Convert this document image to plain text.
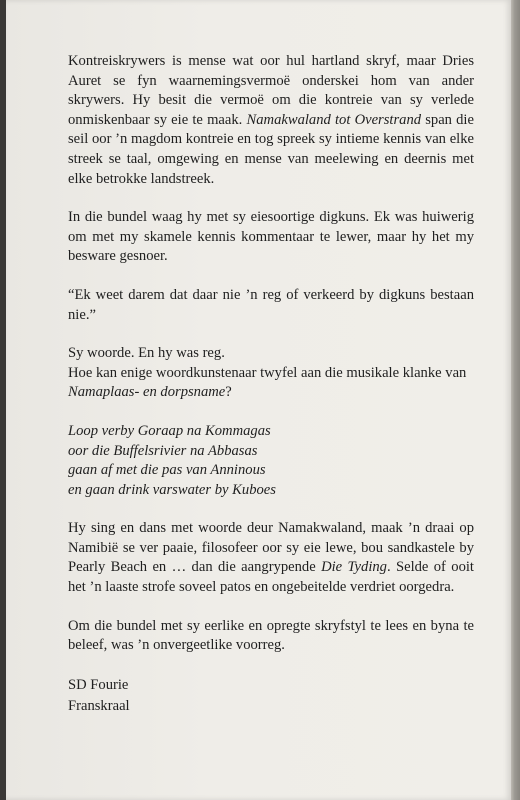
Kontreiskrywers is mense wat oor hul hartland skryf, maar Dries Auret se fyn waarnemingsvermoë onderskei hom van ander skrywers. Hy besit die vermoë om die kontreie van sy verlede onmiskenbaar sy eie te maak. Namakwaland tot Overstrand span die seil oor ’n magdom kontreie en tog spreek sy intieme kennis van elke streek se taal, omgewing en mense van meelewing en deernis met elke betrokke landstreek.

In die bundel waag hy met sy eiesoortige digkuns. Ek was huiwerig om met my skamele kennis kommentaar te lewer, maar hy het my besware gesnoer.

“Ek weet darem dat daar nie ’n reg of verkeerd by digkuns bestaan nie.”

Sy woorde. En hy was reg.
Hoe kan enige woordkunstenaar twyfel aan die musikale klanke van Namaplaas- en dorpsname?

Loop verby Goraap na Kommagas
oor die Buffelsrivier na Abbasas
gaan af met die pas van Anninous
en gaan drink varswater by Kuboes

Hy sing en dans met woorde deur Namakwaland, maak ’n draai op Namibië se ver paaie, filosofeer oor sy eie lewe, bou sandkastele by Pearly Beach en … dan die aangrypende Die Tyding. Selde of ooit het ’n laaste strofe soveel patos en ongebeitelde verdriet oorgedra.

Om die bundel met sy eerlike en opregte skryfstyl te lees en byna te beleef, was ’n onvergeetlike voorreg.

SD Fourie
Franskraal
